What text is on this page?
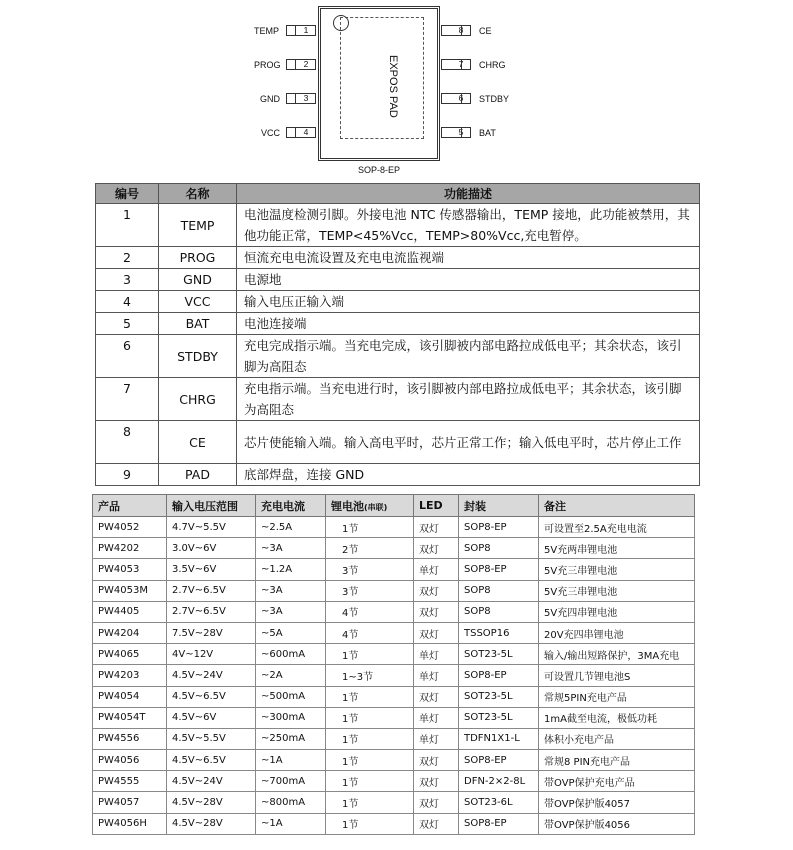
TEMP	1
PROG	2
GND	3
VCC	4
EXPOS PAD
8	CE
7	CHRG
6	STDBY
5	BAT
SOP-8-EP
编号	名称	功能描述
1	TEMP	电池温度检测引脚。外接电池 NTC 传感器输出，TEMP 接地，此功能被禁用，其他功能正常，TEMP<45%Vcc，TEMP>80%Vcc,充电暂停。
2	PROG	恒流充电电流设置及充电电流监视端
3	GND	电源地
4	VCC	输入电压正输入端
5	BAT	电池连接端
6	STDBY	充电完成指示端。当充电完成，该引脚被内部电路拉成低电平；其余状态，该引脚为高阻态
7	CHRG	充电指示端。当充电进行时，该引脚被内部电路拉成低电平；其余状态，该引脚为高阻态
8	CE	芯片使能输入端。输入高电平时，芯片正常工作；输入低电平时，芯片停止工作
9	PAD	底部焊盘，连接 GND
产品	输入电压范围	充电电流	锂电池(串联)	LED	封装	备注
PW4052	4.7V~5.5V	~2.5A	1节	双灯	SOP8-EP	可设置至2.5A充电电流
PW4202	3.0V~6V	~3A	2节	双灯	SOP8	5V充两串锂电池
PW4053	3.5V~6V	~1.2A	3节	单灯	SOP8-EP	5V充三串锂电池
PW4053M	2.7V~6.5V	~3A	3节	双灯	SOP8	5V充三串锂电池
PW4405	2.7V~6.5V	~3A	4节	双灯	SOP8	5V充四串锂电池
PW4204	7.5V~28V	~5A	4节	双灯	TSSOP16	20V充四串锂电池
PW4065	4V~12V	~600mA	1节	单灯	SOT23-5L	输入/输出短路保护，3MA充电
PW4203	4.5V~24V	~2A	1~3节	单灯	SOP8-EP	可设置几节锂电池S
PW4054	4.5V~6.5V	~500mA	1节	双灯	SOT23-5L	常规5PIN充电产品
PW4054T	4.5V~6V	~300mA	1节	单灯	SOT23-5L	1mA截至电流，极低功耗
PW4556	4.5V~5.5V	~250mA	1节	单灯	TDFN1X1-L	体积小充电产品
PW4056	4.5V~6.5V	~1A	1节	双灯	SOP8-EP	常规8 PIN充电产品
PW4555	4.5V~24V	~700mA	1节	双灯	DFN-2×2-8L	带OVP保护充电产品
PW4057	4.5V~28V	~800mA	1节	双灯	SOT23-6L	带OVP保护版4057
PW4056H	4.5V~28V	~1A	1节	双灯	SOP8-EP	带OVP保护版4056
